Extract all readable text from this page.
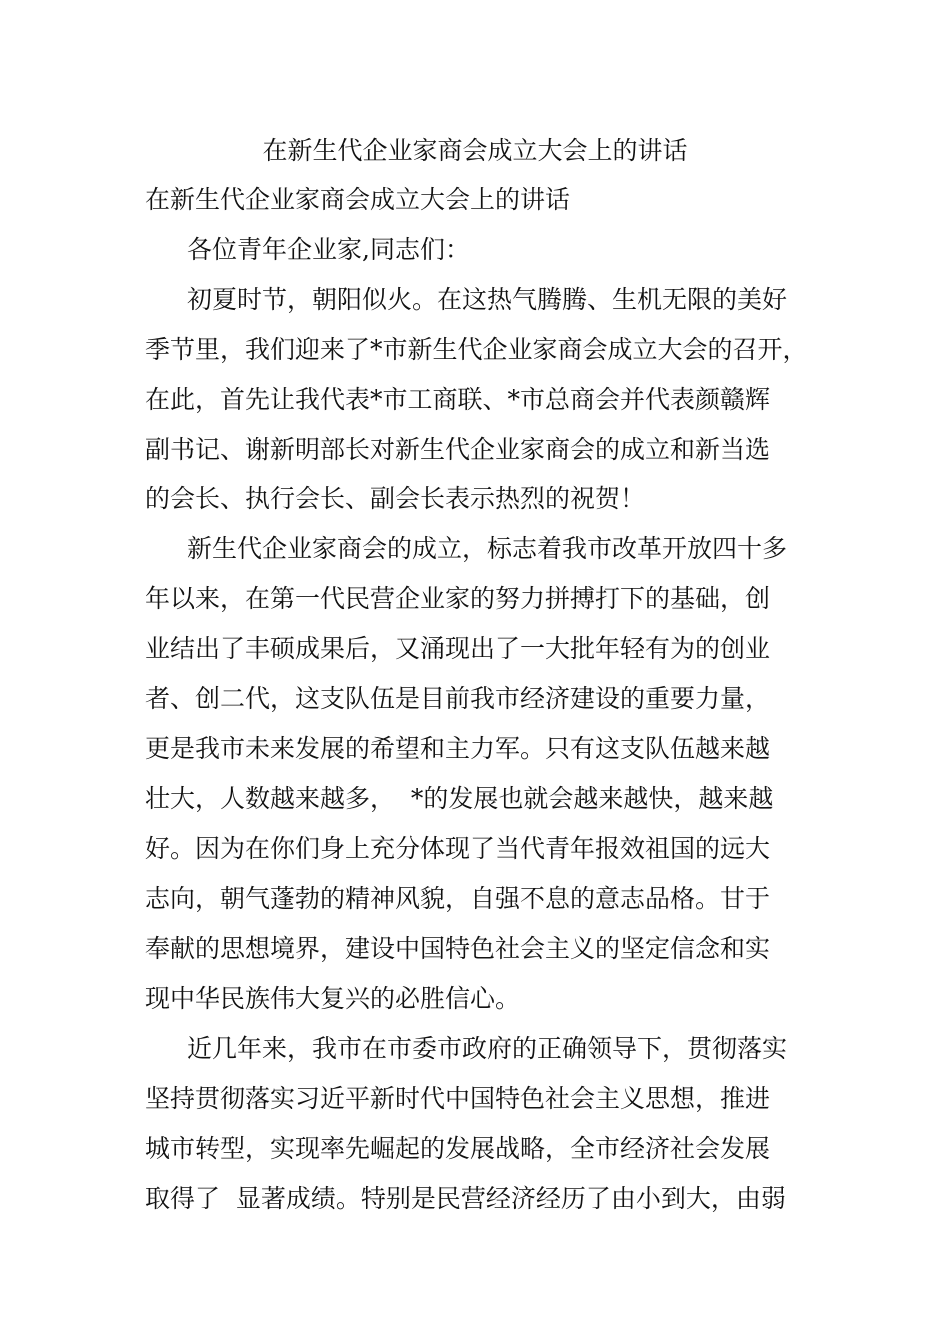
在新生代企业家商会成立大会上的讲话
在新生代企业家商会成立大会上的讲话
各位青年企业家,同志们：
初夏时节，朝阳似火。在这热气腾腾、生机无限的美好
季节里，我们迎来了*市新生代企业家商会成立大会的召开，
在此，首先让我代表*市工商联、*市总商会并代表颜赣辉
副书记、谢新明部长对新生代企业家商会的成立和新当选
的会长、执行会长、副会长表示热烈的祝贺！
新生代企业家商会的成立，标志着我市改革开放四十多
年以来，在第一代民营企业家的努力拼搏打下的基础，创
业结出了丰硕成果后，又涌现出了一大批年轻有为的创业
者、创二代，这支队伍是目前我市经济建设的重要力量，
更是我市未来发展的希望和主力军。只有这支队伍越来越
壮大，人数越来越多，  *的发展也就会越来越快，越来越
好。因为在你们身上充分体现了当代青年报效祖国的远大
志向，朝气蓬勃的精神风貌，自强不息的意志品格。甘于
奉献的思想境界，建设中国特色社会主义的坚定信念和实
现中华民族伟大复兴的必胜信心。
近几年来，我市在市委市政府的正确领导下，贯彻落实
坚持贯彻落实习近平新时代中国特色社会主义思想，推进
城市转型，实现率先崛起的发展战略，全市经济社会发展
取得了  显著成绩。特别是民营经济经历了由小到大，由弱
